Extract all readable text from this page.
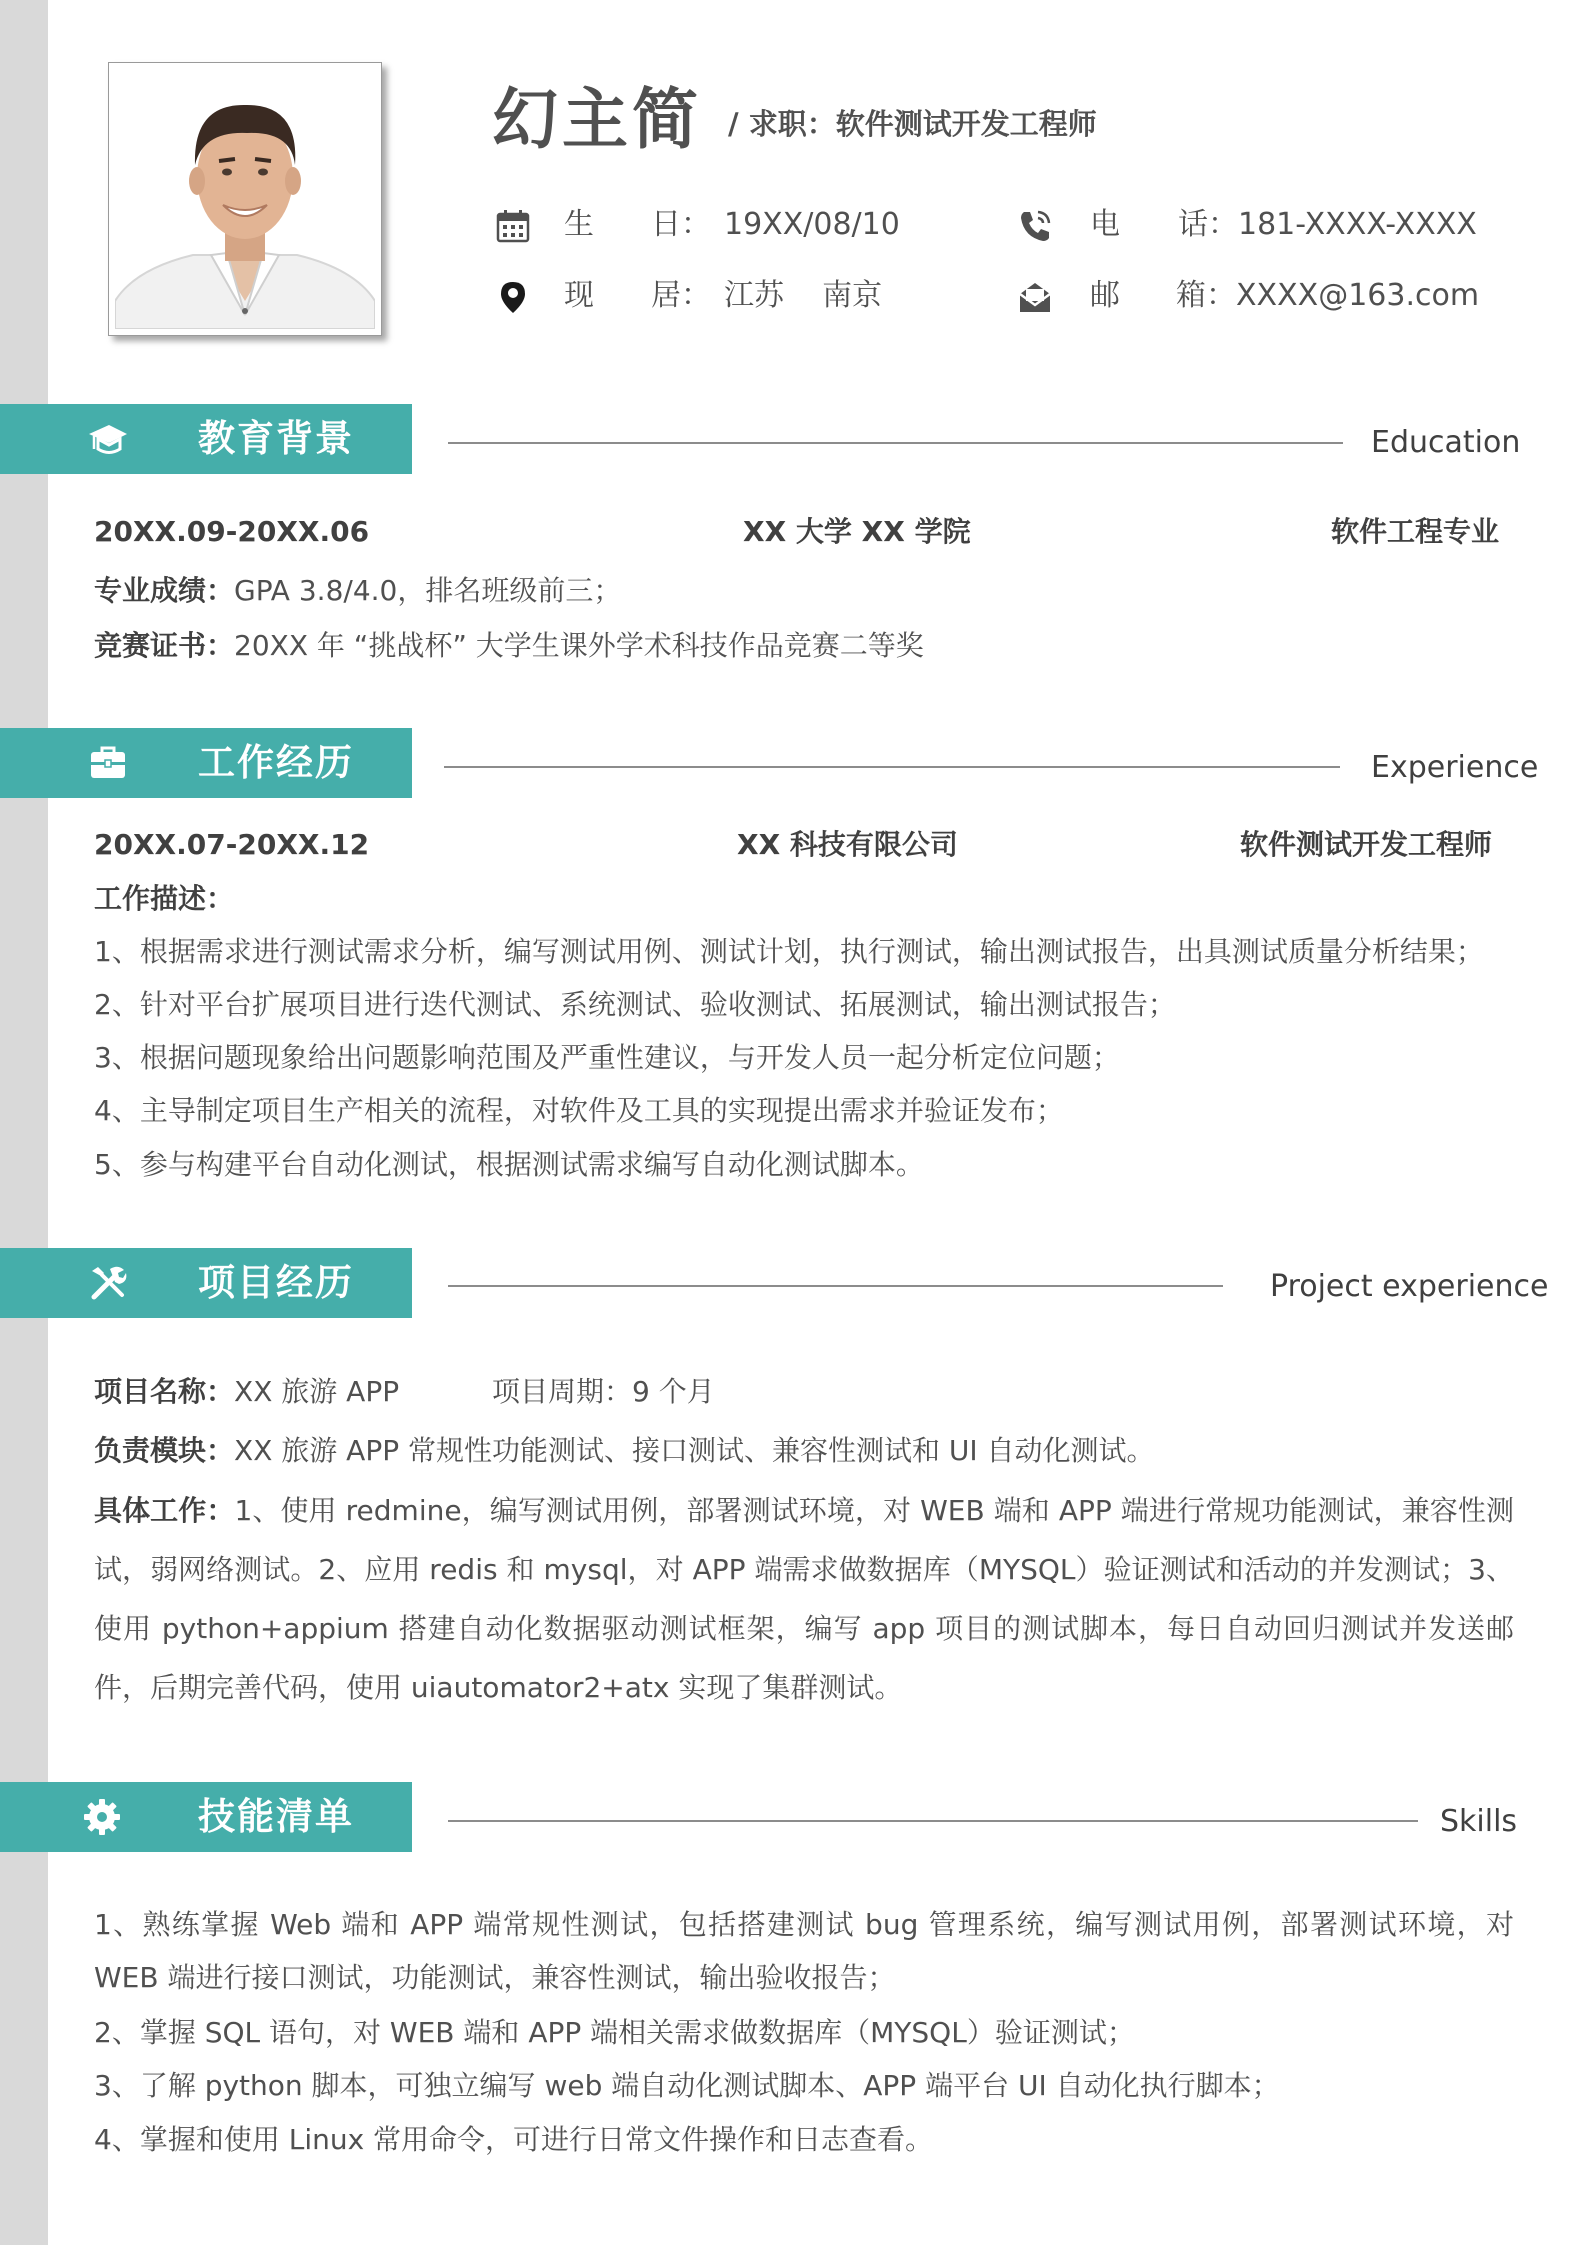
幻主简 / 求职：软件测试开发工程师
生 日： 19XX/08/10	电 话： 181-XXXX-XXXX
现 居： 江苏    南京	邮 箱： XXXX@163.com
教育背景	Education
20XX.09-20XX.06	XX 大学 XX 学院	软件工程专业
专业成绩：GPA 3.8/4.0，排名班级前三；
竞赛证书：20XX 年 “挑战杯” 大学生课外学术科技作品竞赛二等奖
工作经历	Experience
20XX.07-20XX.12	XX 科技有限公司	软件测试开发工程师
工作描述：
1、根据需求进行测试需求分析，编写测试用例、测试计划，执行测试，输出测试报告，出具测试质量分析结果；
2、针对平台扩展项目进行迭代测试、系统测试、验收测试、拓展测试，输出测试报告；
3、根据问题现象给出问题影响范围及严重性建议，与开发人员一起分析定位问题；
4、主导制定项目生产相关的流程，对软件及工具的实现提出需求并验证发布；
5、参与构建平台自动化测试，根据测试需求编写自动化测试脚本。
项目经历	Project experience
项目名称：XX 旅游 APP	项目周期：9 个月
负责模块：XX 旅游 APP 常规性功能测试、接口测试、兼容性测试和 UI 自动化测试。
具体工作：1、使用 redmine，编写测试用例，部署测试环境，对 WEB 端和 APP 端进行常规功能测试，兼容性测试，弱网络测试。2、应用 redis 和 mysql，对 APP 端需求做数据库（MYSQL）验证测试和活动的并发测试；3、使用 python+appium 搭建自动化数据驱动测试框架，编写 app 项目的测试脚本，每日自动回归测试并发送邮件，后期完善代码，使用 uiautomator2+atx 实现了集群测试。
技能清单	Skills
1、熟练掌握 Web 端和 APP 端常规性测试，包括搭建测试 bug 管理系统，编写测试用例，部署测试环境，对 WEB 端进行接口测试，功能测试，兼容性测试，输出验收报告；
2、掌握 SQL 语句，对 WEB 端和 APP 端相关需求做数据库（MYSQL）验证测试；
3、了解 python 脚本，可独立编写 web 端自动化测试脚本、APP 端平台 UI 自动化执行脚本；
4、掌握和使用 Linux 常用命令，可进行日常文件操作和日志查看。
